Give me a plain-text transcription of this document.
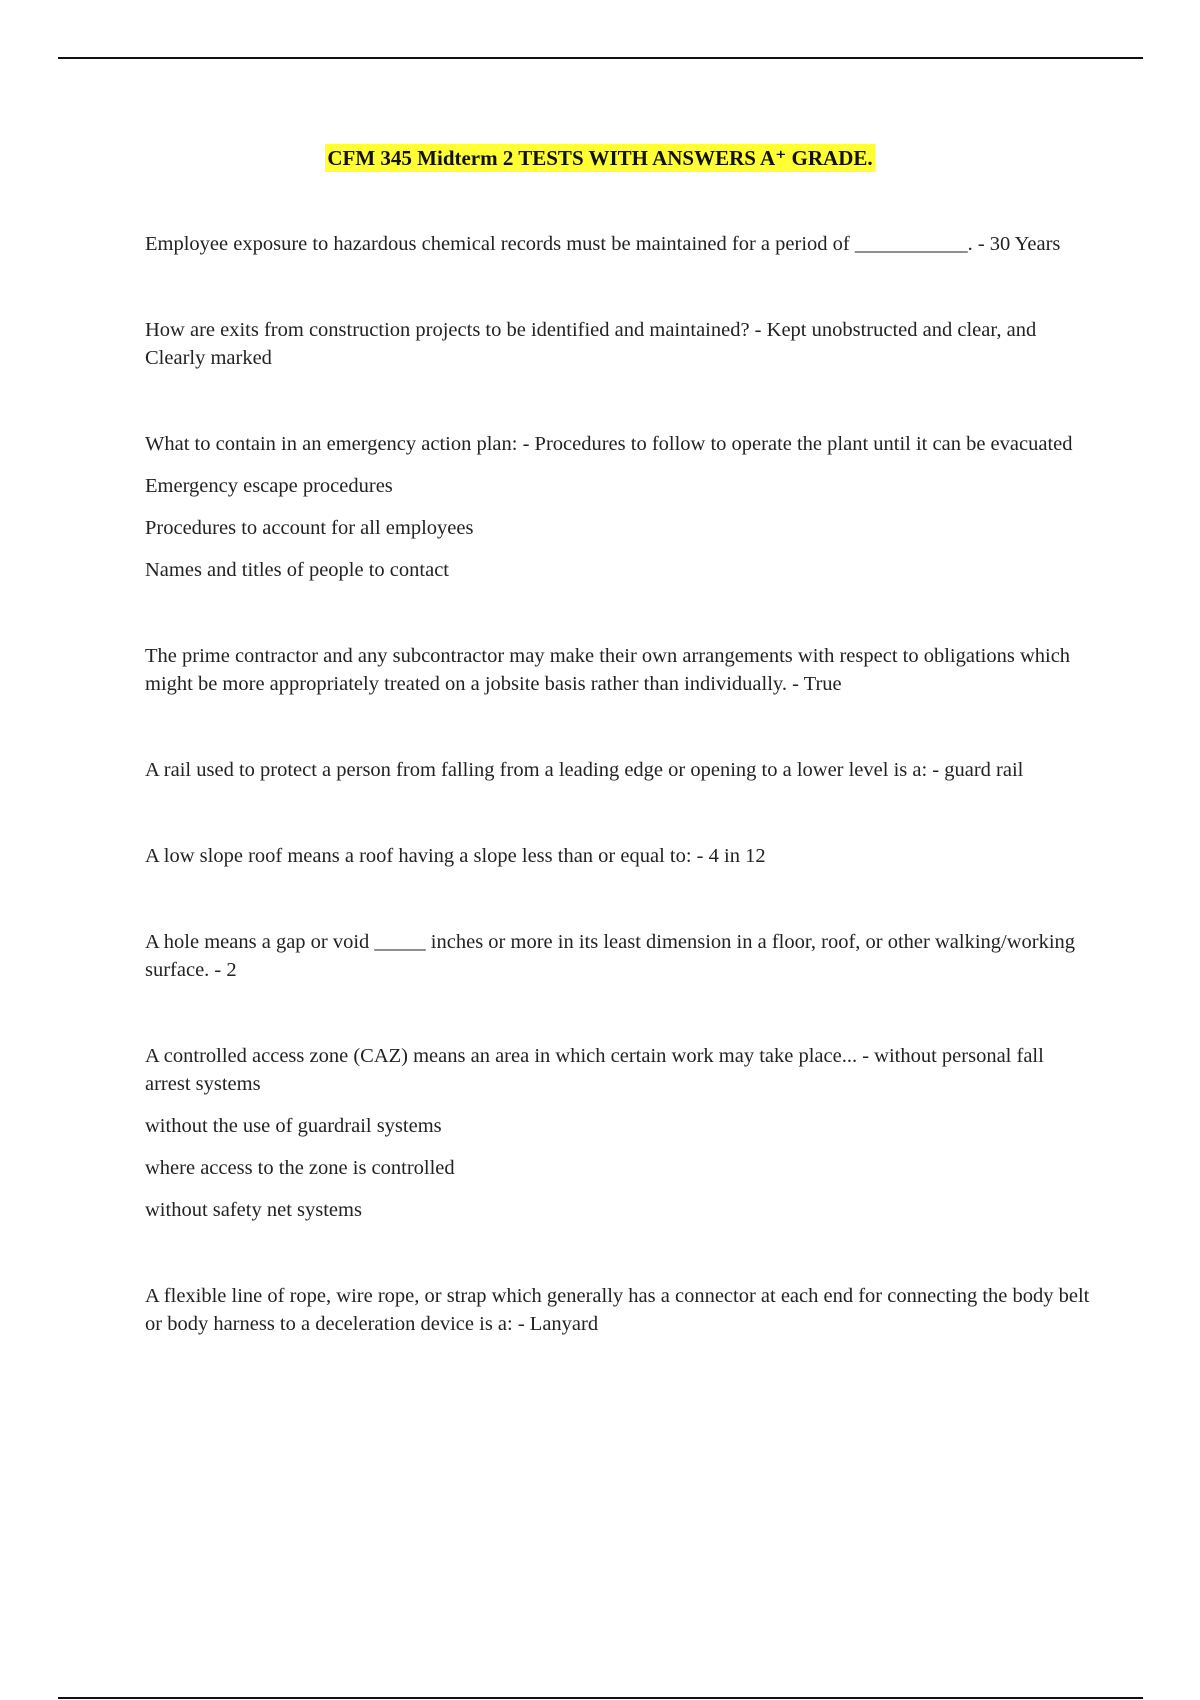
CFM 345 Midterm 2 TESTS WITH ANSWERS A⁺ GRADE.

Employee exposure to hazardous chemical records must be maintained for a period of ___________. - 30 Years

How are exits from construction projects to be identified and maintained? - Kept unobstructed and clear, and Clearly marked

What to contain in an emergency action plan: - Procedures to follow to operate the plant until it can be evacuated

Emergency escape procedures

Procedures to account for all employees

Names and titles of people to contact

The prime contractor and any subcontractor may make their own arrangements with respect to obligations which might be more appropriately treated on a jobsite basis rather than individually. - True

A rail used to protect a person from falling from a leading edge or opening to a lower level is a: - guard rail

A low slope roof means a roof having a slope less than or equal to: - 4 in 12

A hole means a gap or void _____ inches or more in its least dimension in a floor, roof, or other walking/working surface. - 2

A controlled access zone (CAZ) means an area in which certain work may take place... - without personal fall arrest systems

without the use of guardrail systems

where access to the zone is controlled

without safety net systems

A flexible line of rope, wire rope, or strap which generally has a connector at each end for connecting the body belt or body harness to a deceleration device is a: - Lanyard
